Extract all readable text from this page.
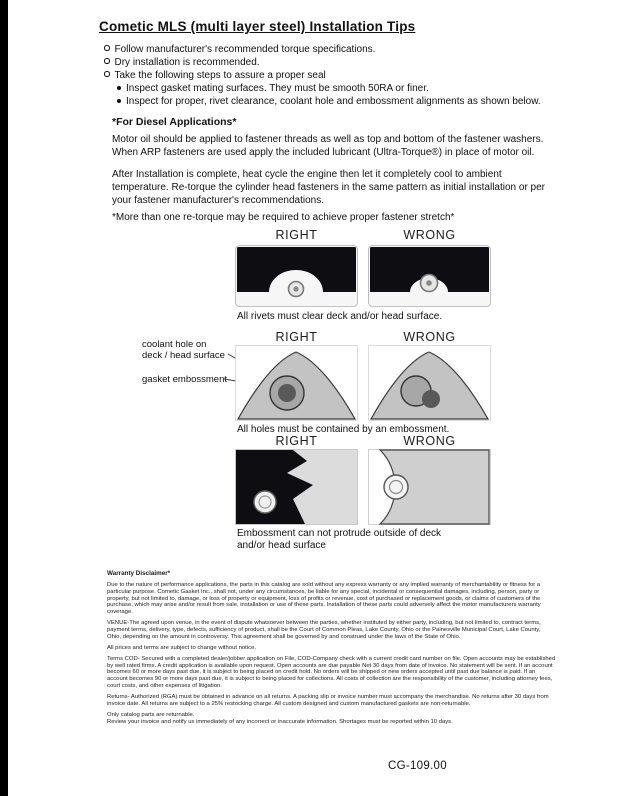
Cometic MLS (multi layer steel) Installation Tips
Follow manufacturer's recommended torque specifications.
Dry installation is recommended.
Take the following steps to assure a proper seal
Inspect gasket mating surfaces. They must be smooth 50RA or finer.
Inspect for proper, rivet clearance, coolant hole and embossment alignments as shown below.
*For Diesel Applications*
Motor oil should be applied to fastener threads as well as top and bottom of the fastener washers. When ARP fasteners are used apply the included lubricant (Ultra-Torque®) in place of motor oil.
After Installation is complete, heat cycle the engine then let it completely cool to ambient temperature. Re-torque the cylinder head fasteners in the same pattern as initial installation or per your fastener manufacturer's recommendations.
*More than one re-torque may be required to achieve proper fastener stretch*
RIGHT	WRONG
All rivets must clear deck and/or head surface.
RIGHT	WRONG
coolant hole on
deck / head surface
gasket embossment
All holes must be contained by an embossment.
RIGHT	WRONG
Embossment can not protrude outside of deck
and/or head surface

Warranty Disclaimer*

Due to the nature of performance applications, the parts in this catalog are sold without any express warranty or any implied warranty of merchantability or fitness for a particular purpose. Cometic Gasket Inc., shall not, under any circumstances, be liable for any special, incidental or consequential damages, including, person, party or property, but not limited to, damage, or loss of property or equipment, loss of profits or revenue, cost of purchased or replacement goods, or claims of customers of the purchase, which may arise and/or result from sale, installation or use of these parts. Installation of these parts could adversely affect the motor manufacturers warranty coverage.

VENUE-The agreed upon venue, in the event of dispute whatsoever between the parties, whether instituted by either party, including, but not limited to, contract terms, payment terms, delivery, type, defects, sufficiency of product, shall be the Court of Common Pleas, Lake County, Ohio or the Painesville Municipal Court, Lake County, Ohio, depending on the amount in controversy. This agreement shall be governed by and construed under the laws of the State of Ohio.

All prices and terms are subject to change without notice.

Terms COD- Secured with a completed dealer/jobber application on File, COD-Company check with a current credit card number on file. Open accounts may be established by well rated firms. A credit application is available upon request. Open accounts are due payable Net 30 days from date of invoice. No statement will be sent. If an account becomes 60 or more days past due, it is subject to being placed on credit hold. No orders will be shipped or new orders accepted until past due balance is paid. If an account becomes 90 or more days past due, it is subject to being placed for collections. All costs of collection are the responsibility of the customer, including attorney fees, court costs, and other expenses of litigation.

Returns- Authorized (RGA) must be obtained in advance on all returns. A packing slip or invoice number must accompany the merchandise. No returns after 30 days from invoice date. All returns are subject to a 25% restocking charge. All custom designed and custom manufactured gaskets are non-returnable.

Only catalog parts are returnable.

Review your invoice and notify us immediately of any incorrect or inaccurate information. Shortages must be reported within 10 days.

CG-109.00
